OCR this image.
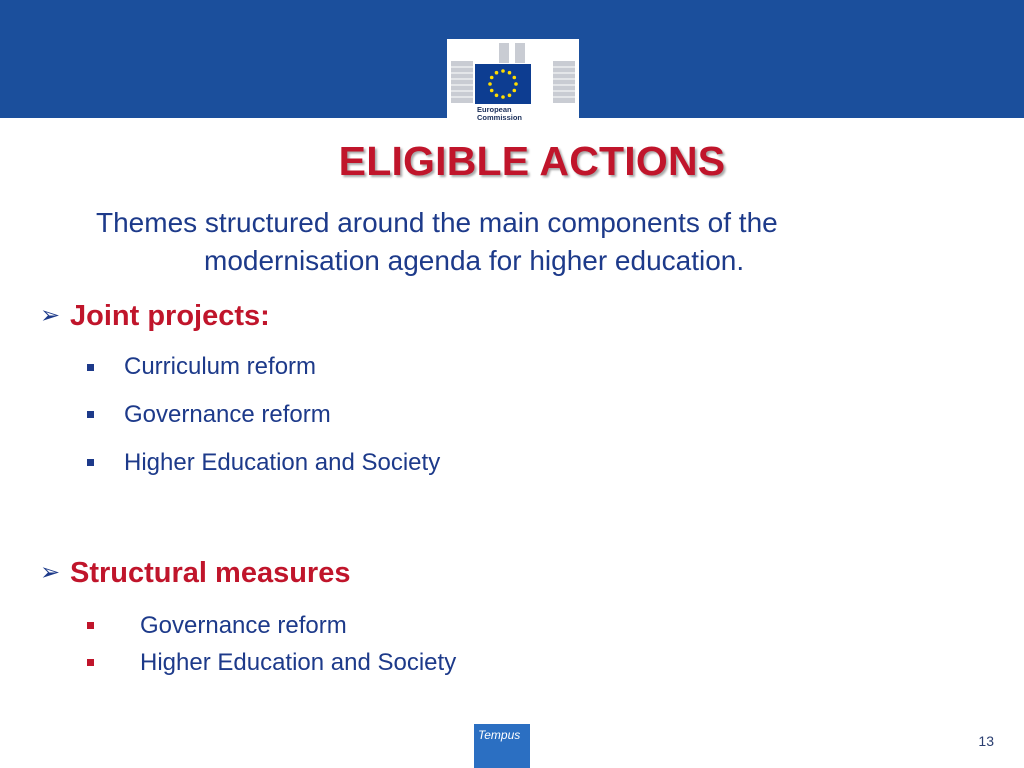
European
Commission
ELIGIBLE ACTIONS
Themes structured around the main components of the
modernisation agenda for higher education.
➢ Joint projects:
Curriculum reform
Governance reform
Higher Education and Society
➢ Structural measures
Governance reform
Higher Education and Society
Tempus	13
